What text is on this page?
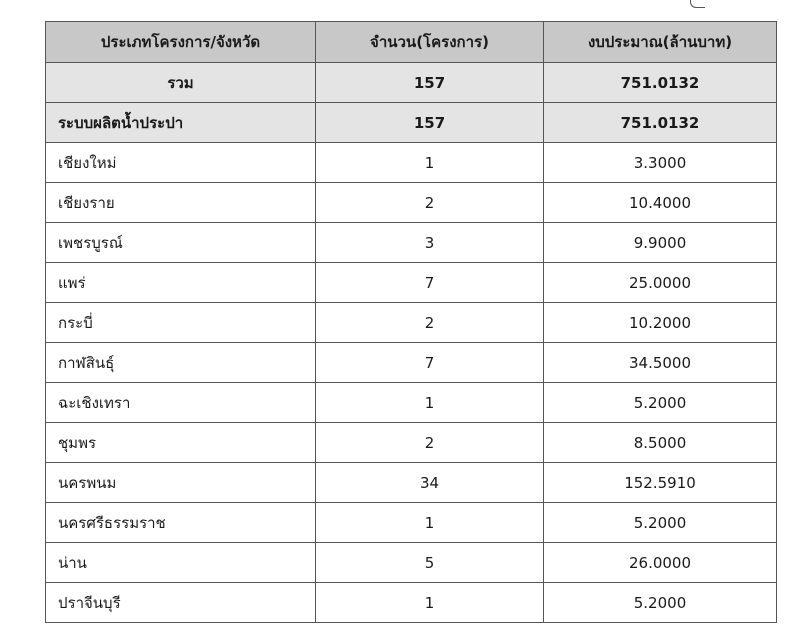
ประเภทโครงการ/จังหวัด	จำนวน(โครงการ)	งบประมาณ(ล้านบาท)
รวม	157	751.0132
ระบบผลิตน้ำประปา	157	751.0132
เชียงใหม่	1	3.3000
เชียงราย	2	10.4000
เพชรบูรณ์	3	9.9000
แพร่	7	25.0000
กระบี่	2	10.2000
กาฬสินธุ์	7	34.5000
ฉะเชิงเทรา	1	5.2000
ชุมพร	2	8.5000
นครพนม	34	152.5910
นครศรีธรรมราช	1	5.2000
น่าน	5	26.0000
ปราจีนบุรี	1	5.2000
